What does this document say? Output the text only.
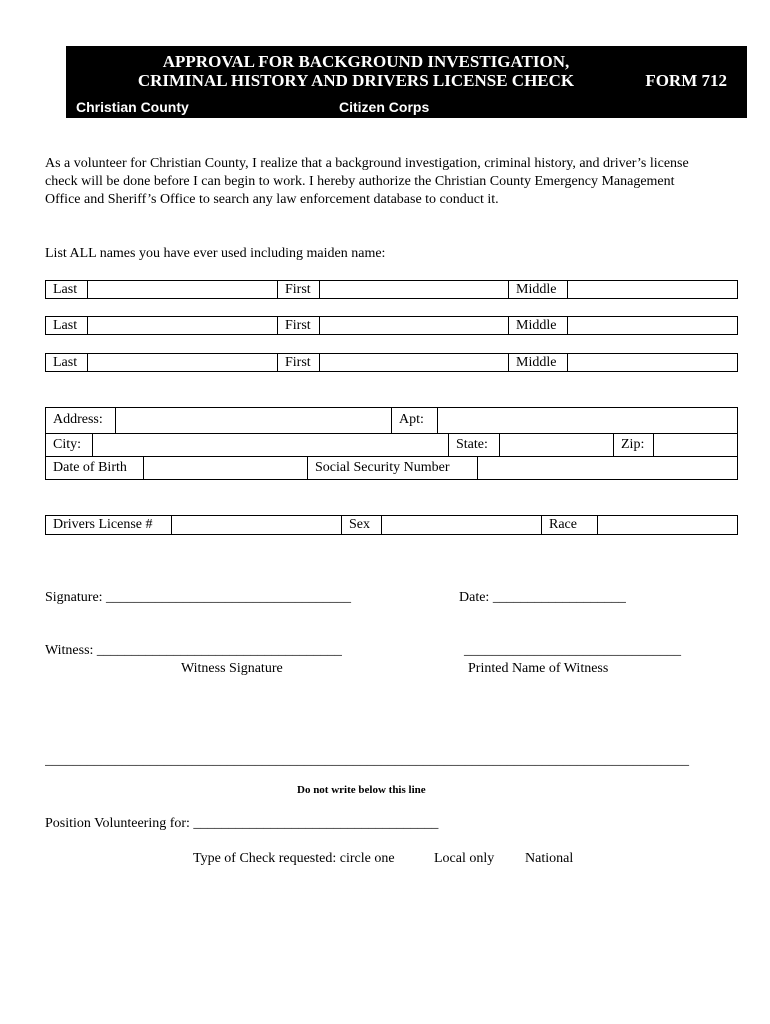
APPROVAL FOR BACKGROUND INVESTIGATION,
CRIMINAL HISTORY AND DRIVERS LICENSE CHECK	FORM 712
Christian County	Citizen Corps
As a volunteer for Christian County, I realize that a background investigation, criminal history, and driver’s license check will be done before I can begin to work. I hereby authorize the Christian County Emergency Management Office and Sheriff’s Office to search any law enforcement database to conduct it.
List ALL names you have ever used including maiden name:
Last	First	Middle
Last	First	Middle
Last	First	Middle
Address:	Apt:
City:	State:	Zip:
Date of Birth	Social Security Number
Drivers License #	Sex	Race
Signature: ___________________________________	Date: ___________________
Witness: ___________________________________	_______________________________
Witness Signature	Printed Name of Witness
____________________________________________________________________________________________
Do not write below this line
Position Volunteering for: ___________________________________
Type of Check requested: circle one	Local only National
